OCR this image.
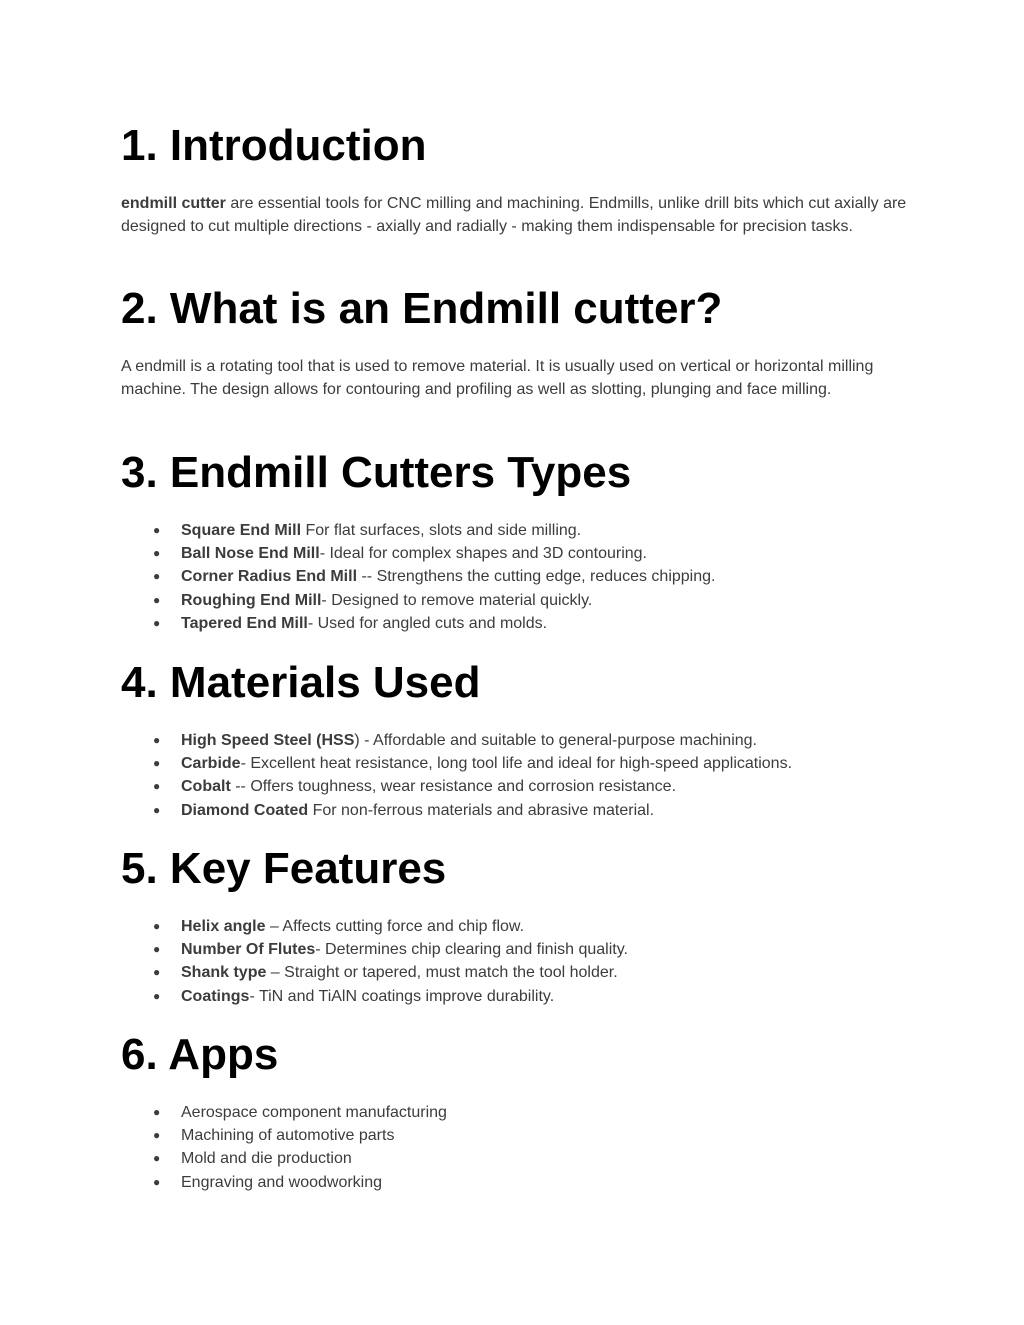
1. Introduction

endmill cutter are essential tools for CNC milling and machining. Endmills, unlike drill bits which cut axially are designed to cut multiple directions - axially and radially - making them indispensable for precision tasks.

2. What is an Endmill cutter?

A endmill is a rotating tool that is used to remove material. It is usually used on vertical or horizontal milling machine. The design allows for contouring and profiling as well as slotting, plunging and face milling.

3. Endmill Cutters Types
● Square End Mill For flat surfaces, slots and side milling.
● Ball Nose End Mill- Ideal for complex shapes and 3D contouring.
● Corner Radius End Mill -- Strengthens the cutting edge, reduces chipping.
● Roughing End Mill- Designed to remove material quickly.
● Tapered End Mill- Used for angled cuts and molds.
4. Materials Used
● High Speed Steel (HSS) - Affordable and suitable to general-purpose machining.
● Carbide- Excellent heat resistance, long tool life and ideal for high-speed applications.
● Cobalt -- Offers toughness, wear resistance and corrosion resistance.
● Diamond Coated For non-ferrous materials and abrasive material.
5. Key Features
● Helix angle – Affects cutting force and chip flow.
● Number Of Flutes- Determines chip clearing and finish quality.
● Shank type – Straight or tapered, must match the tool holder.
● Coatings- TiN and TiAlN coatings improve durability.
6. Apps
● Aerospace component manufacturing
● Machining of automotive parts
● Mold and die production
● Engraving and woodworking
